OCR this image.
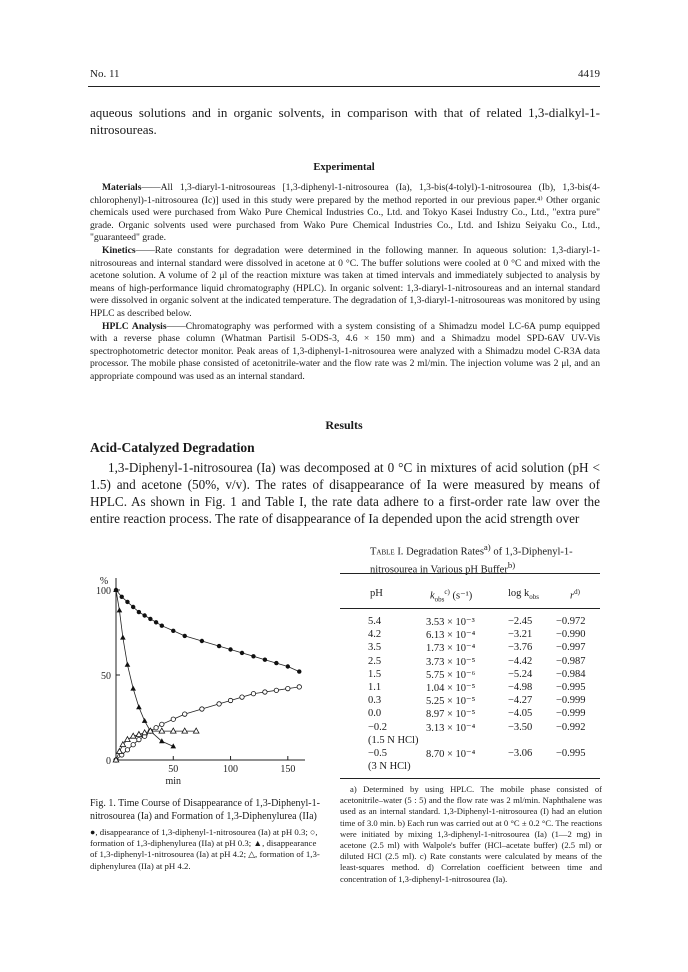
No. 11	4419
aqueous solutions and in organic solvents, in comparison with that of related 1,3-dialkyl-1-nitrosoureas.
Experimental

Materials——All 1,3-diaryl-1-nitrosoureas [1,3-diphenyl-1-nitrosourea (Ia), 1,3-bis(4-tolyl)-1-nitrosourea (Ib), 1,3-bis(4-chlorophenyl)-1-nitrosourea (Ic)] used in this study were prepared by the method reported in our previous paper.⁴⁾ Other organic chemicals used were purchased from Wako Pure Chemical Industries Co., Ltd. and Tokyo Kasei Industry Co., Ltd., "extra pure" grade. Organic solvents used were purchased from Wako Pure Chemical Industries Co., Ltd. and Ishizu Seiyaku Co., Ltd., "guaranteed" grade.

Kinetics——Rate constants for degradation were determined in the following manner. In aqueous solution: 1,3-diaryl-1-nitrosoureas and internal standard were dissolved in acetone at 0 °C. The buffer solutions were cooled at 0 °C and mixed with the acetone solution. A volume of 2 μl of the reaction mixture was taken at timed intervals and immediately subjected to analysis by means of high-performance liquid chromatography (HPLC). In organic solvent: 1,3-diaryl-1-nitrosoureas and an internal standard were dissolved in organic solvent at the indicated temperature. The degradation of 1,3-diaryl-1-nitrosoureas was monitored by using HPLC as described below.

HPLC Analysis——Chromatography was performed with a system consisting of a Shimadzu model LC-6A pump equipped with a reverse phase column (Whatman Partisil 5-ODS-3, 4.6 × 150 mm) and a Shimadzu model SPD-6AV UV-Vis spectrophotometric detector monitor. Peak areas of 1,3-diphenyl-1-nitrosourea were analyzed with a Shimadzu model C-R3A data processor. The mobile phase consisted of acetonitrile-water and the flow rate was 2 ml/min. The injection volume was 2 μl, and an appropriate compound was used as an internal standard.

Results
Acid-Catalyzed Degradation

1,3-Diphenyl-1-nitrosourea (Ia) was decomposed at 0 °C in mixtures of acid solution (pH < 1.5) and acetone (50%, v/v). The rates of disappearance of Ia were measured by means of HPLC. As shown in Fig. 1 and Table I, the rate data adhere to a first-order rate law over the entire reaction process. The rate of disappearance of Ia depended upon the acid strength over

0
50
100
50	100	150
%
min
Fig. 1. Time Course of Disappearance of 1,3-Diphenyl-1-nitrosourea (Ia) and Formation of 1,3-Diphenylurea (IIa)
●, disappearance of 1,3-diphenyl-1-nitrosourea (Ia) at pH 0.3; ○, formation of 1,3-diphenylurea (IIa) at pH 0.3; ▲, disappearance of 1,3-diphenyl-1-nitrosourea (Ia) at pH 4.2; △, formation of 1,3-diphenylurea (IIa) at pH 4.2.
Table I. Degradation Rates$^{a)}$ of 1,3-Diphenyl-1-nitrosourea in Various pH Buffer$^{b)}$
pH	$k_{obs}^{c)}$ (s⁻¹)	$\log k_{obs}$	$r^{d)}$
5.4	3.53 × 10⁻³	−2.45 −0.972
4.2	6.13 × 10⁻⁴	−3.21 −0.990
3.5	1.73 × 10⁻⁴	−3.76 −0.997
2.5	3.73 × 10⁻⁵	−4.42 −0.987
1.5	5.75 × 10⁻⁶	−5.24 −0.984
1.1	1.04 × 10⁻⁵	−4.98 −0.995
0.3	5.25 × 10⁻⁵	−4.27 −0.999
0.0	8.97 × 10⁻⁵	−4.05 −0.999
−0.2	3.13 × 10⁻⁴	−3.50 −0.992
(1.5 N HCl)
−0.5	8.70 × 10⁻⁴	−3.06 −0.995
(3 N HCl)

a) Determined by using HPLC. The mobile phase consisted of acetonitrile–water (5 : 5) and the flow rate was 2 ml/min. Naphthalene was used as an internal standard. 1,3-Diphenyl-1-nitrosourea (I) had an elution time of 3.0 min. b) Each run was carried out at 0 °C ± 0.2 °C. The reactions were initiated by mixing 1,3-diphenyl-1-nitrosourea (Ia) (1—2 mg) in acetone (2.5 ml) with Walpole's buffer (HCl–acetate buffer) (2.5 ml) or diluted HCl (2.5 ml). c) Rate constants were calculated by means of the least-squares method. d) Correlation coefficient between time and concentration of 1,3-diphenyl-1-nitrosourea (Ia).
